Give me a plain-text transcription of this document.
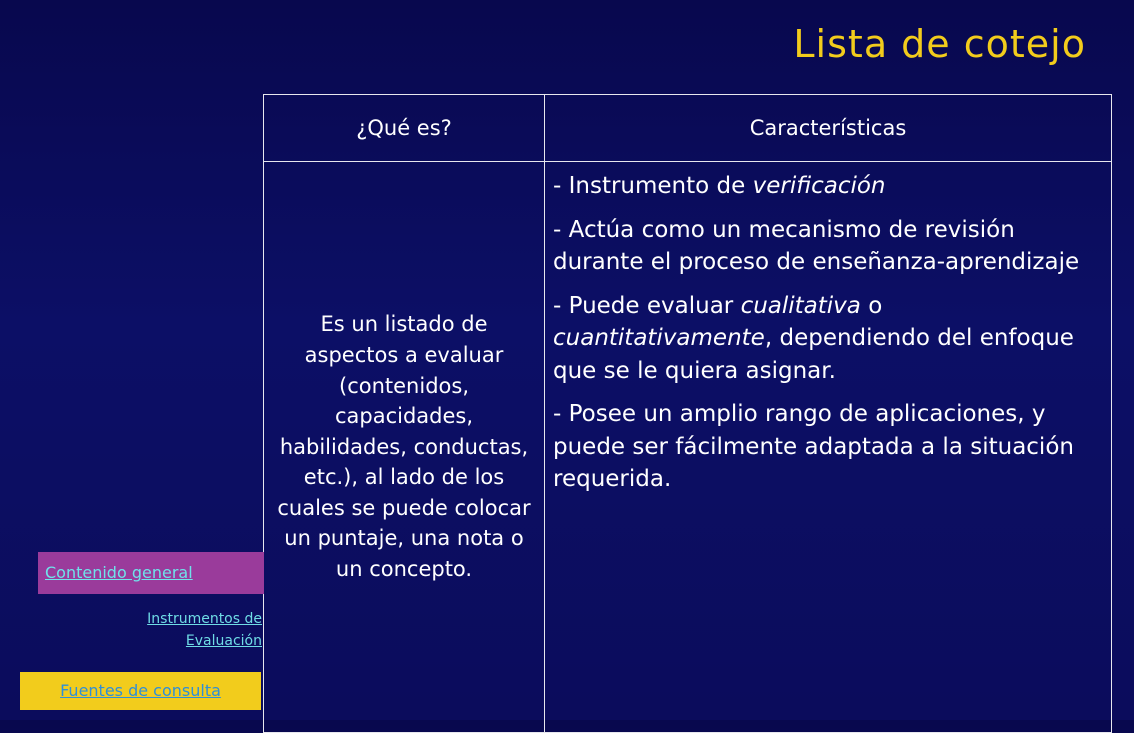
Lista de cotejo
¿Qué es?	Características
Es un listado de aspectos a evaluar (contenidos, capacidades, habilidades, conductas, etc.), al lado de los cuales se puede colocar un puntaje, una nota o un concepto.	- Instrumento de verificación

- Actúa como un mecanismo de revisión durante el proceso de enseñanza-aprendizaje

- Puede evaluar cualitativa o cuantitativamente, dependiendo del enfoque que se le quiera asignar.

- Posee un amplio rango de aplicaciones, y puede ser fácilmente adaptada a la situación requerida.

Contenido general
Instrumentos de
Evaluación
Fuentes de consulta
